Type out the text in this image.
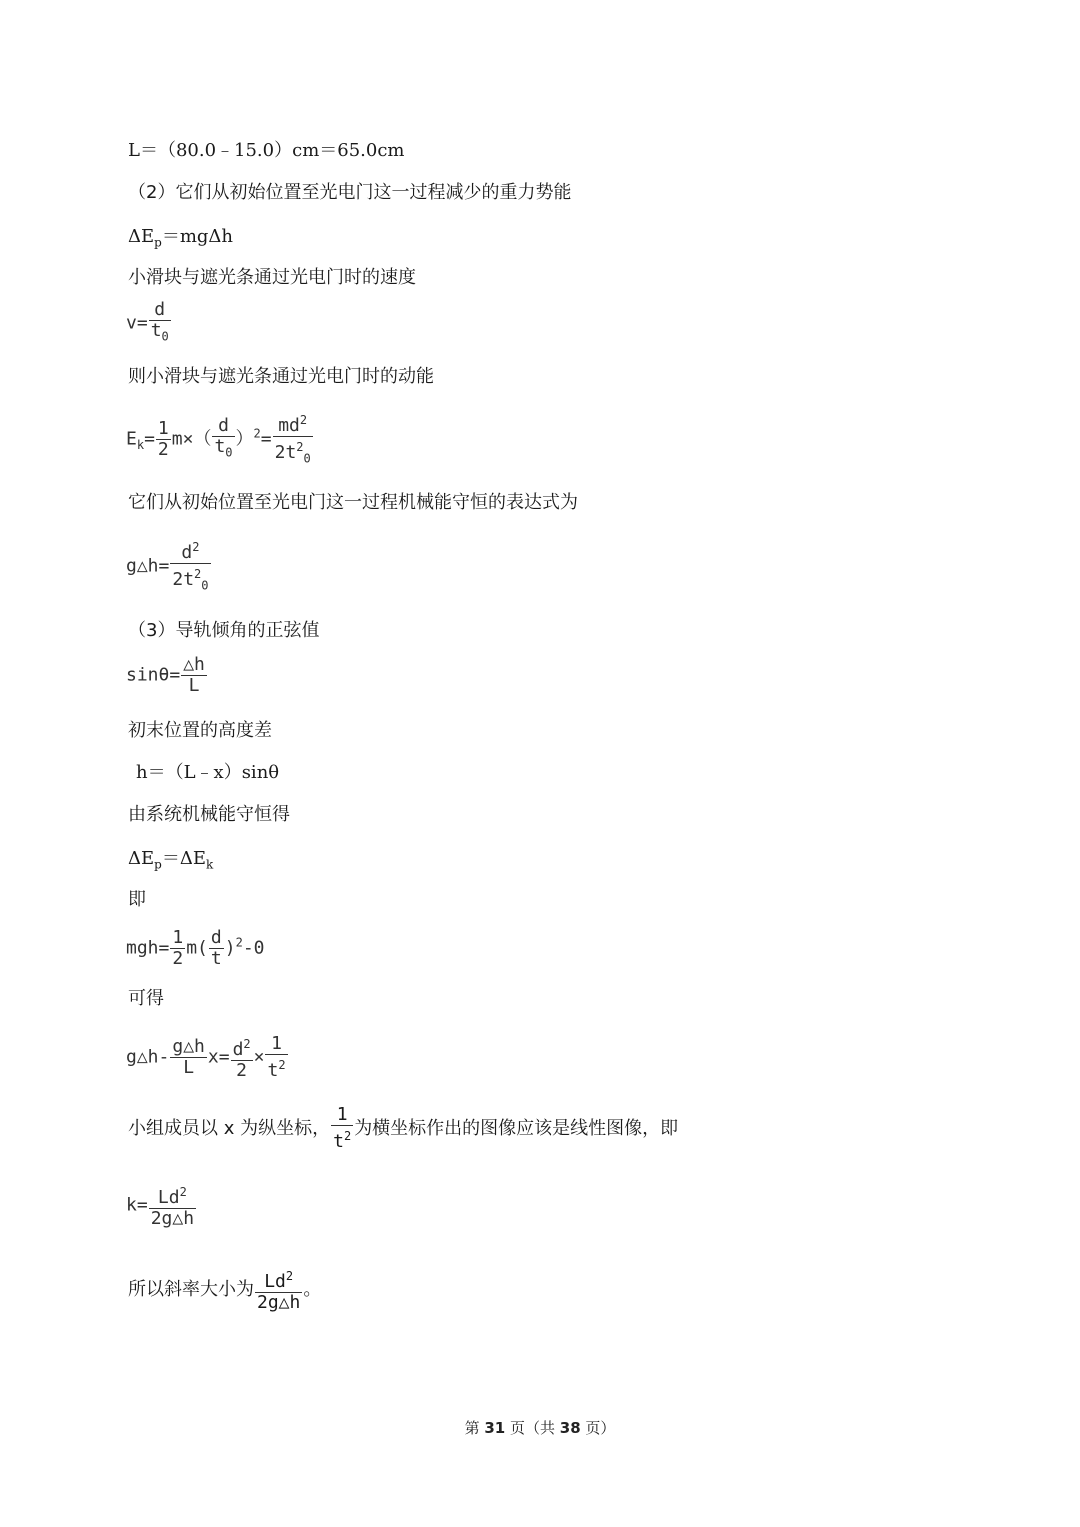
L＝（80.0﹣15.0）cm＝65.0cm
（2）它们从初始位置至光电门这一过程减少的重力势能
$\Delta E_p=mg\Delta h$
小滑块与遮光条通过光电门时的速度
$v= \frac{d}{t_0}$
则小滑块与遮光条通过光电门时的动能
$E_k= \frac{1}{2} m\times( \frac{d}{t_0} )^2= \frac{md^2}{2t^2_0}$
它们从初始位置至光电门这一过程机械能守恒的表达式为
g△h= $\frac{d^2}{2t^2_0}$
（3）导轨倾角的正弦值
$\sin\theta= \frac{\triangle h}{L}$
初末位置的高度差
h＝（L﹣x）sinθ
由系统机械能守恒得
$\Delta E_p=\Delta E_k$
即
$mgh= \frac{1}{2} m( \frac{d}{t} )^2-0$
可得
g△h- $\frac{g\triangle h}{L} x= \frac{d^2}{2} \times \frac{1}{t^2}$
小组成员以 x 为纵坐标， $\frac{1}{t^2}$ 为横坐标作出的图像应该是线性图像，即
$k= \frac{Ld^2}{2g\triangle h}$
所以斜率大小为 $\frac{Ld^2}{2g\triangle h}$ 。
第 31 页（共 38 页）
